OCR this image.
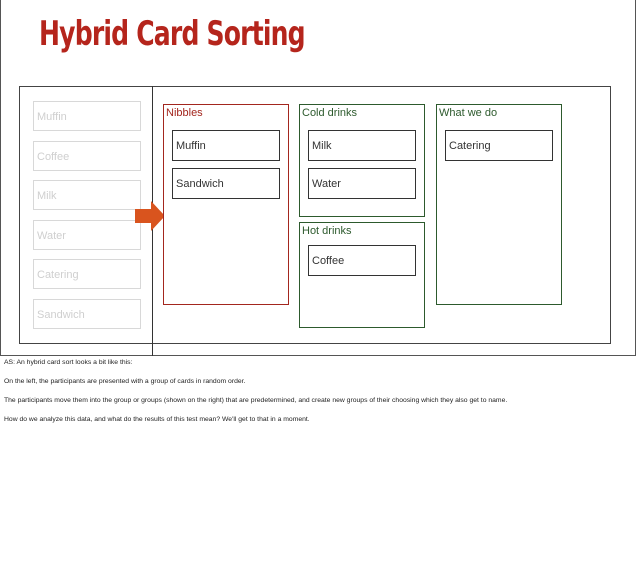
Hybrid Card Sorting
Muffin
Coffee
Milk
Water
Catering
Sandwich
Nibbles
Muffin
Sandwich
Cold drinks
Milk
Water
Hot drinks
Coffee
What we do
Catering

AS: An hybrid card sort looks a bit like this:

On the left, the participants are presented with a group of cards in random order.

The participants move them into the group or groups (shown on the right) that are predetermined, and create new groups of their choosing which they also get to name.

How do we analyze this data, and what do the results of this test mean? We'll get to that in a moment.
